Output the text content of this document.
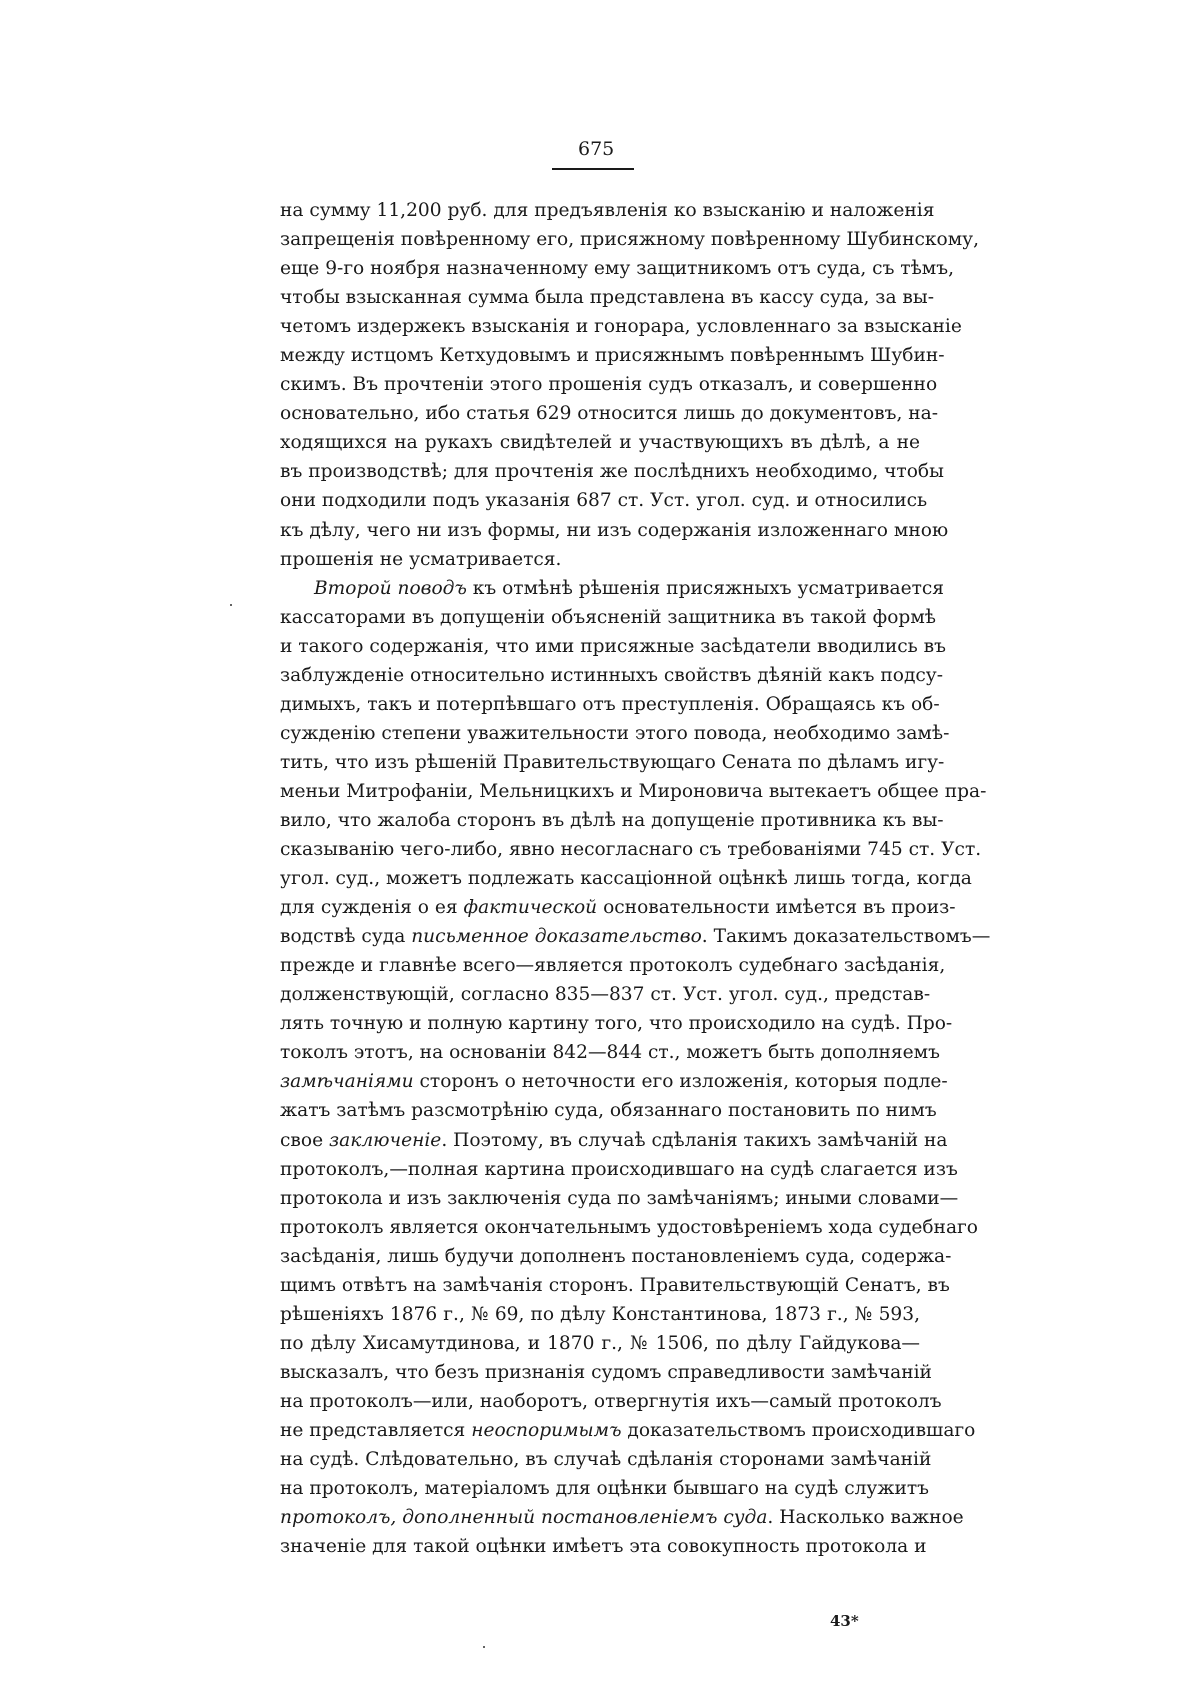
675
на сумму 11,200 руб. для предъявленія ко взысканію и наложенія
запрещенія повѣренному его, присяжному повѣренному Шубинскому,
еще 9-го ноября назначенному ему защитникомъ отъ суда, съ тѣмъ,
чтобы взысканная сумма была представлена въ кассу суда, за вы-
четомъ издержекъ взысканія и гонорара, условленнаго за взысканіе
между истцомъ Кетхудовымъ и присяжнымъ повѣреннымъ Шубин-
скимъ. Въ прочтеніи этого прошенія судъ отказалъ, и совершенно
основательно, ибо статья 629 относится лишь до документовъ, на-
ходящихся на рукахъ свидѣтелей и участвующихъ въ дѣлѣ, а не
въ производствѣ; для прочтенія же послѣднихъ необходимо, чтобы
они подходили подъ указанія 687 ст. Уст. угол. суд. и относились
къ дѣлу, чего ни изъ формы, ни изъ содержанія изложеннаго мною
прошенія не усматривается.
Второй поводъ къ отмѣнѣ рѣшенія присяжныхъ усматривается
кассаторами въ допущеніи объясненій защитника въ такой формѣ
и такого содержанія, что ими присяжные засѣдатели вводились въ
заблужденіе относительно истинныхъ свойствъ дѣяній какъ подсу-
димыхъ, такъ и потерпѣвшаго отъ преступленія. Обращаясь къ об-
сужденію степени уважительности этого повода, необходимо замѣ-
тить, что изъ рѣшеній Правительствующаго Сената по дѣламъ игу-
меньи Митрофаніи, Мельницкихъ и Мироновича вытекаетъ общее пра-
вило, что жалоба сторонъ въ дѣлѣ на допущеніе противника къ вы-
сказыванію чего-либо, явно несогласнаго съ требованіями 745 ст. Уст.
угол. суд., можетъ подлежать кассаціонной оцѣнкѣ лишь тогда, когда
для сужденія о ея фактической основательности имѣется въ произ-
водствѣ суда письменное доказательство. Такимъ доказательствомъ—
прежде и главнѣе всего—является протоколъ судебнаго засѣданія,
долженствующій, согласно 835—837 ст. Уст. угол. суд., представ-
лять точную и полную картину того, что происходило на судѣ. Про-
токолъ этотъ, на основаніи 842—844 ст., можетъ быть дополняемъ
замѣчаніями сторонъ о неточности его изложенія, которыя подле-
жатъ затѣмъ разсмотрѣнію суда, обязаннаго постановить по нимъ
свое заключеніе. Поэтому, въ случаѣ сдѣланія такихъ замѣчаній на
протоколъ,—полная картина происходившаго на судѣ слагается изъ
протокола и изъ заключенія суда по замѣчаніямъ; иными словами—
протоколъ является окончательнымъ удостовѣреніемъ хода судебнаго
засѣданія, лишь будучи дополненъ постановленіемъ суда, содержа-
щимъ отвѣтъ на замѣчанія сторонъ. Правительствующій Сенатъ, въ
рѣшеніяхъ 1876 г., № 69, по дѣлу Константинова, 1873 г., № 593,
по дѣлу Хисамутдинова, и 1870 г., № 1506, по дѣлу Гайдукова—
высказалъ, что безъ признанія судомъ справедливости замѣчаній
на протоколъ—или, наоборотъ, отвергнутія ихъ—самый протоколъ
не представляется неоспоримымъ доказательствомъ происходившаго
на судѣ. Слѣдовательно, въ случаѣ сдѣланія сторонами замѣчаній
на протоколъ, матеріаломъ для оцѣнки бывшаго на судѣ служитъ
протоколъ, дополненный постановленіемъ суда. Насколько важное
значеніе для такой оцѣнки имѣетъ эта совокупность протокола и
43*
